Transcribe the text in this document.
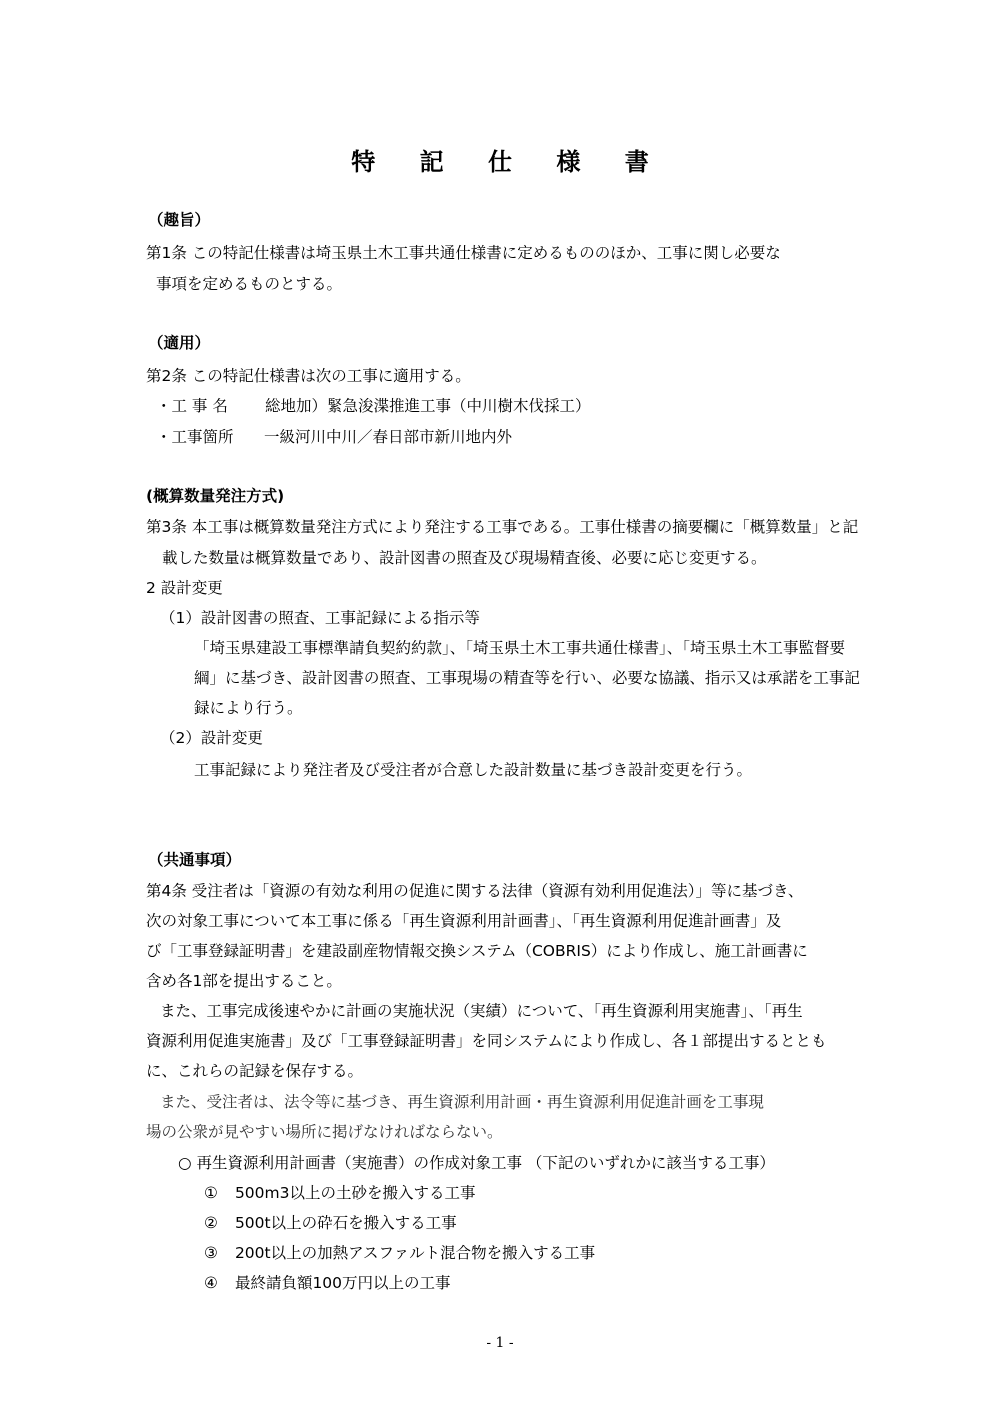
特 記 仕 様 書
（趣旨）
第1条 この特記仕様書は埼玉県土木工事共通仕様書に定めるもののほか、工事に関し必要な
事項を定めるものとする。
（適用）
第2条 この特記仕様書は次の工事に適用する。
・工 事 名 総地加）緊急浚渫推進工事（中川樹木伐採工）
・工事箇所 一級河川中川／春日部市新川地内外
(概算数量発注方式)
第3条 本工事は概算数量発注方式により発注する工事である。工事仕様書の摘要欄に「概算数量」と記
載した数量は概算数量であり、設計図書の照査及び現場精査後、必要に応じ変更する。
2 設計変更
（1）設計図書の照査、工事記録による指示等
「埼玉県建設工事標準請負契約約款」、「埼玉県土木工事共通仕様書」、「埼玉県土木工事監督要
綱」に基づき、設計図書の照査、工事現場の精査等を行い、必要な協議、指示又は承諾を工事記
録により行う。
（2）設計変更
工事記録により発注者及び受注者が合意した設計数量に基づき設計変更を行う。
（共通事項）
第4条 受注者は「資源の有効な利用の促進に関する法律（資源有効利用促進法）」等に基づき、
次の対象工事について本工事に係る「再生資源利用計画書」、「再生資源利用促進計画書」及
び「工事登録証明書」を建設副産物情報交換システム（COBRIS）により作成し、施工計画書に
含め各1部を提出すること。
また、工事完成後速やかに計画の実施状況（実績）について、「再生資源利用実施書」、「再生
資源利用促進実施書」及び「工事登録証明書」を同システムにより作成し、各１部提出するととも
に、これらの記録を保存する。
また、受注者は、法令等に基づき、再生資源利用計画・再生資源利用促進計画を工事現
場の公衆が見やすい場所に掲げなければならない。
○ 再生資源利用計画書（実施書）の作成対象工事 （下記のいずれかに該当する工事）
① 500m3以上の土砂を搬入する工事
② 500t以上の砕石を搬入する工事
③ 200t以上の加熱アスファルト混合物を搬入する工事
④ 最終請負額100万円以上の工事
- 1 -
